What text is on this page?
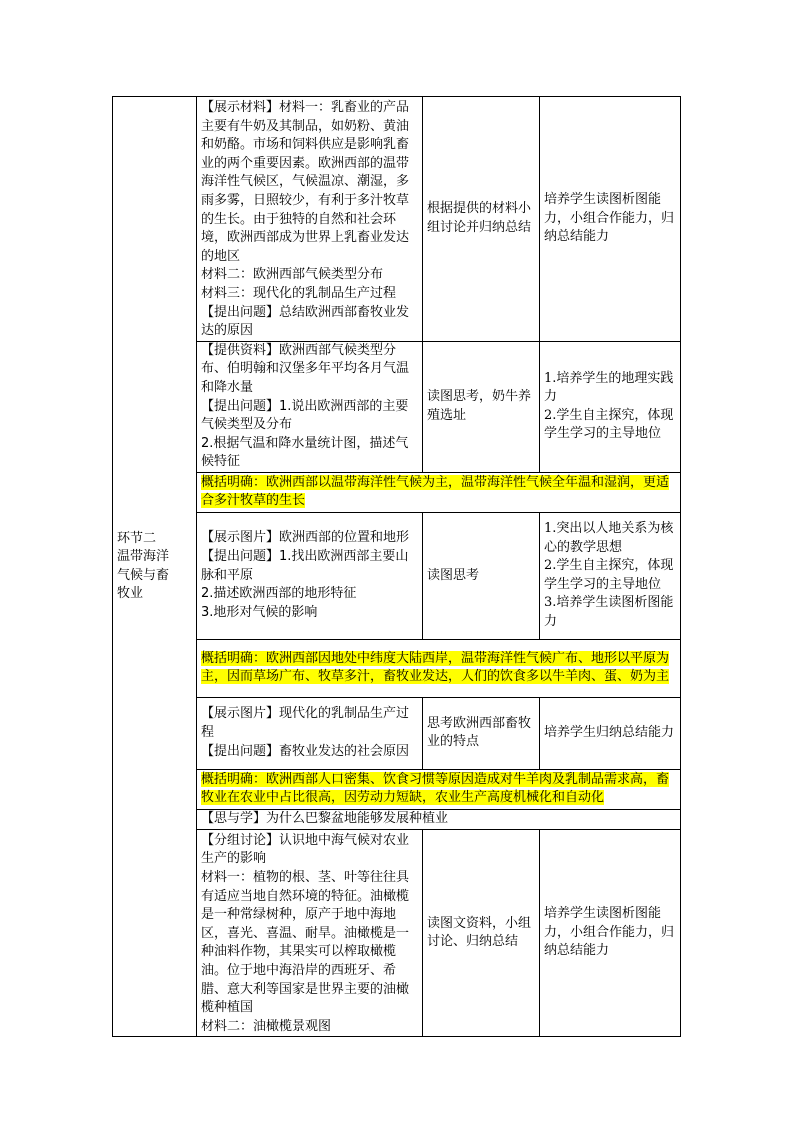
环节二
温带海洋
气候与畜
牧业	【展示材料】材料一：乳畜业的产品主要有牛奶及其制品，如奶粉、黄油和奶酪。市场和饲料供应是影响乳畜业的两个重要因素。欧洲西部的温带海洋性气候区，气候温凉、潮湿，多雨多雾，日照较少，有利于多汁牧草的生长。由于独特的自然和社会环境，欧洲西部成为世界上乳畜业发达的地区
材料二：欧洲西部气候类型分布
材料三：现代化的乳制品生产过程
【提出问题】总结欧洲西部畜牧业发达的原因	根据提供的材料小组讨论并归纳总结	培养学生读图析图能力，小组合作能力，归纳总结能力

	【提供资料】欧洲西部气候类型分布、伯明翰和汉堡多年平均各月气温和降水量
【提出问题】1.说出欧洲西部的主要气候类型及分布
2.根据气温和降水量统计图，描述气候特征	读图思考，奶牛养殖选址	1.培养学生的地理实践力
2.学生自主探究，体现学生学习的主导地位
	概括明确：欧洲西部以温带海洋性气候为主，温带海洋性气候全年温和湿润，更适合多汁牧草的生长		

	【展示图片】欧洲西部的位置和地形
【提出问题】1.找出欧洲西部主要山脉和平原
2.描述欧洲西部的地形特征
3.地形对气候的影响	读图思考	1.突出以人地关系为核心的教学思想
2.学生自主探究，体现学生学习的主导地位
3.培养学生读图析图能力
	概括明确：欧洲西部因地处中纬度大陆西岸，温带海洋性气候广布、地形以平原为主，因而草场广布、牧草多汁，畜牧业发达，人们的饮食多以牛羊肉、蛋、奶为主		

	【展示图片】现代化的乳制品生产过程
【提出问题】畜牧业发达的社会原因	思考欧洲西部畜牧业的特点	培养学生归纳总结能力
	概括明确：欧洲西部人口密集、饮食习惯等原因造成对牛羊肉及乳制品需求高，畜牧业在农业中占比很高，因劳动力短缺，农业生产高度机械化和自动化		
	【思与学】为什么巴黎盆地能够发展种植业		

	【分组讨论】认识地中海气候对农业生产的影响
材料一：植物的根、茎、叶等往往具有适应当地自然环境的特征。油橄榄是一种常绿树种，原产于地中海地区，喜光、喜温、耐旱。油橄榄是一种油料作物，其果实可以榨取橄榄油。位于地中海沿岸的西班牙、希腊、意大利等国家是世界主要的油橄榄种植国
材料二：油橄榄景观图	读图文资料，小组讨论、归纳总结	培养学生读图析图能力，小组合作能力，归纳总结能力
